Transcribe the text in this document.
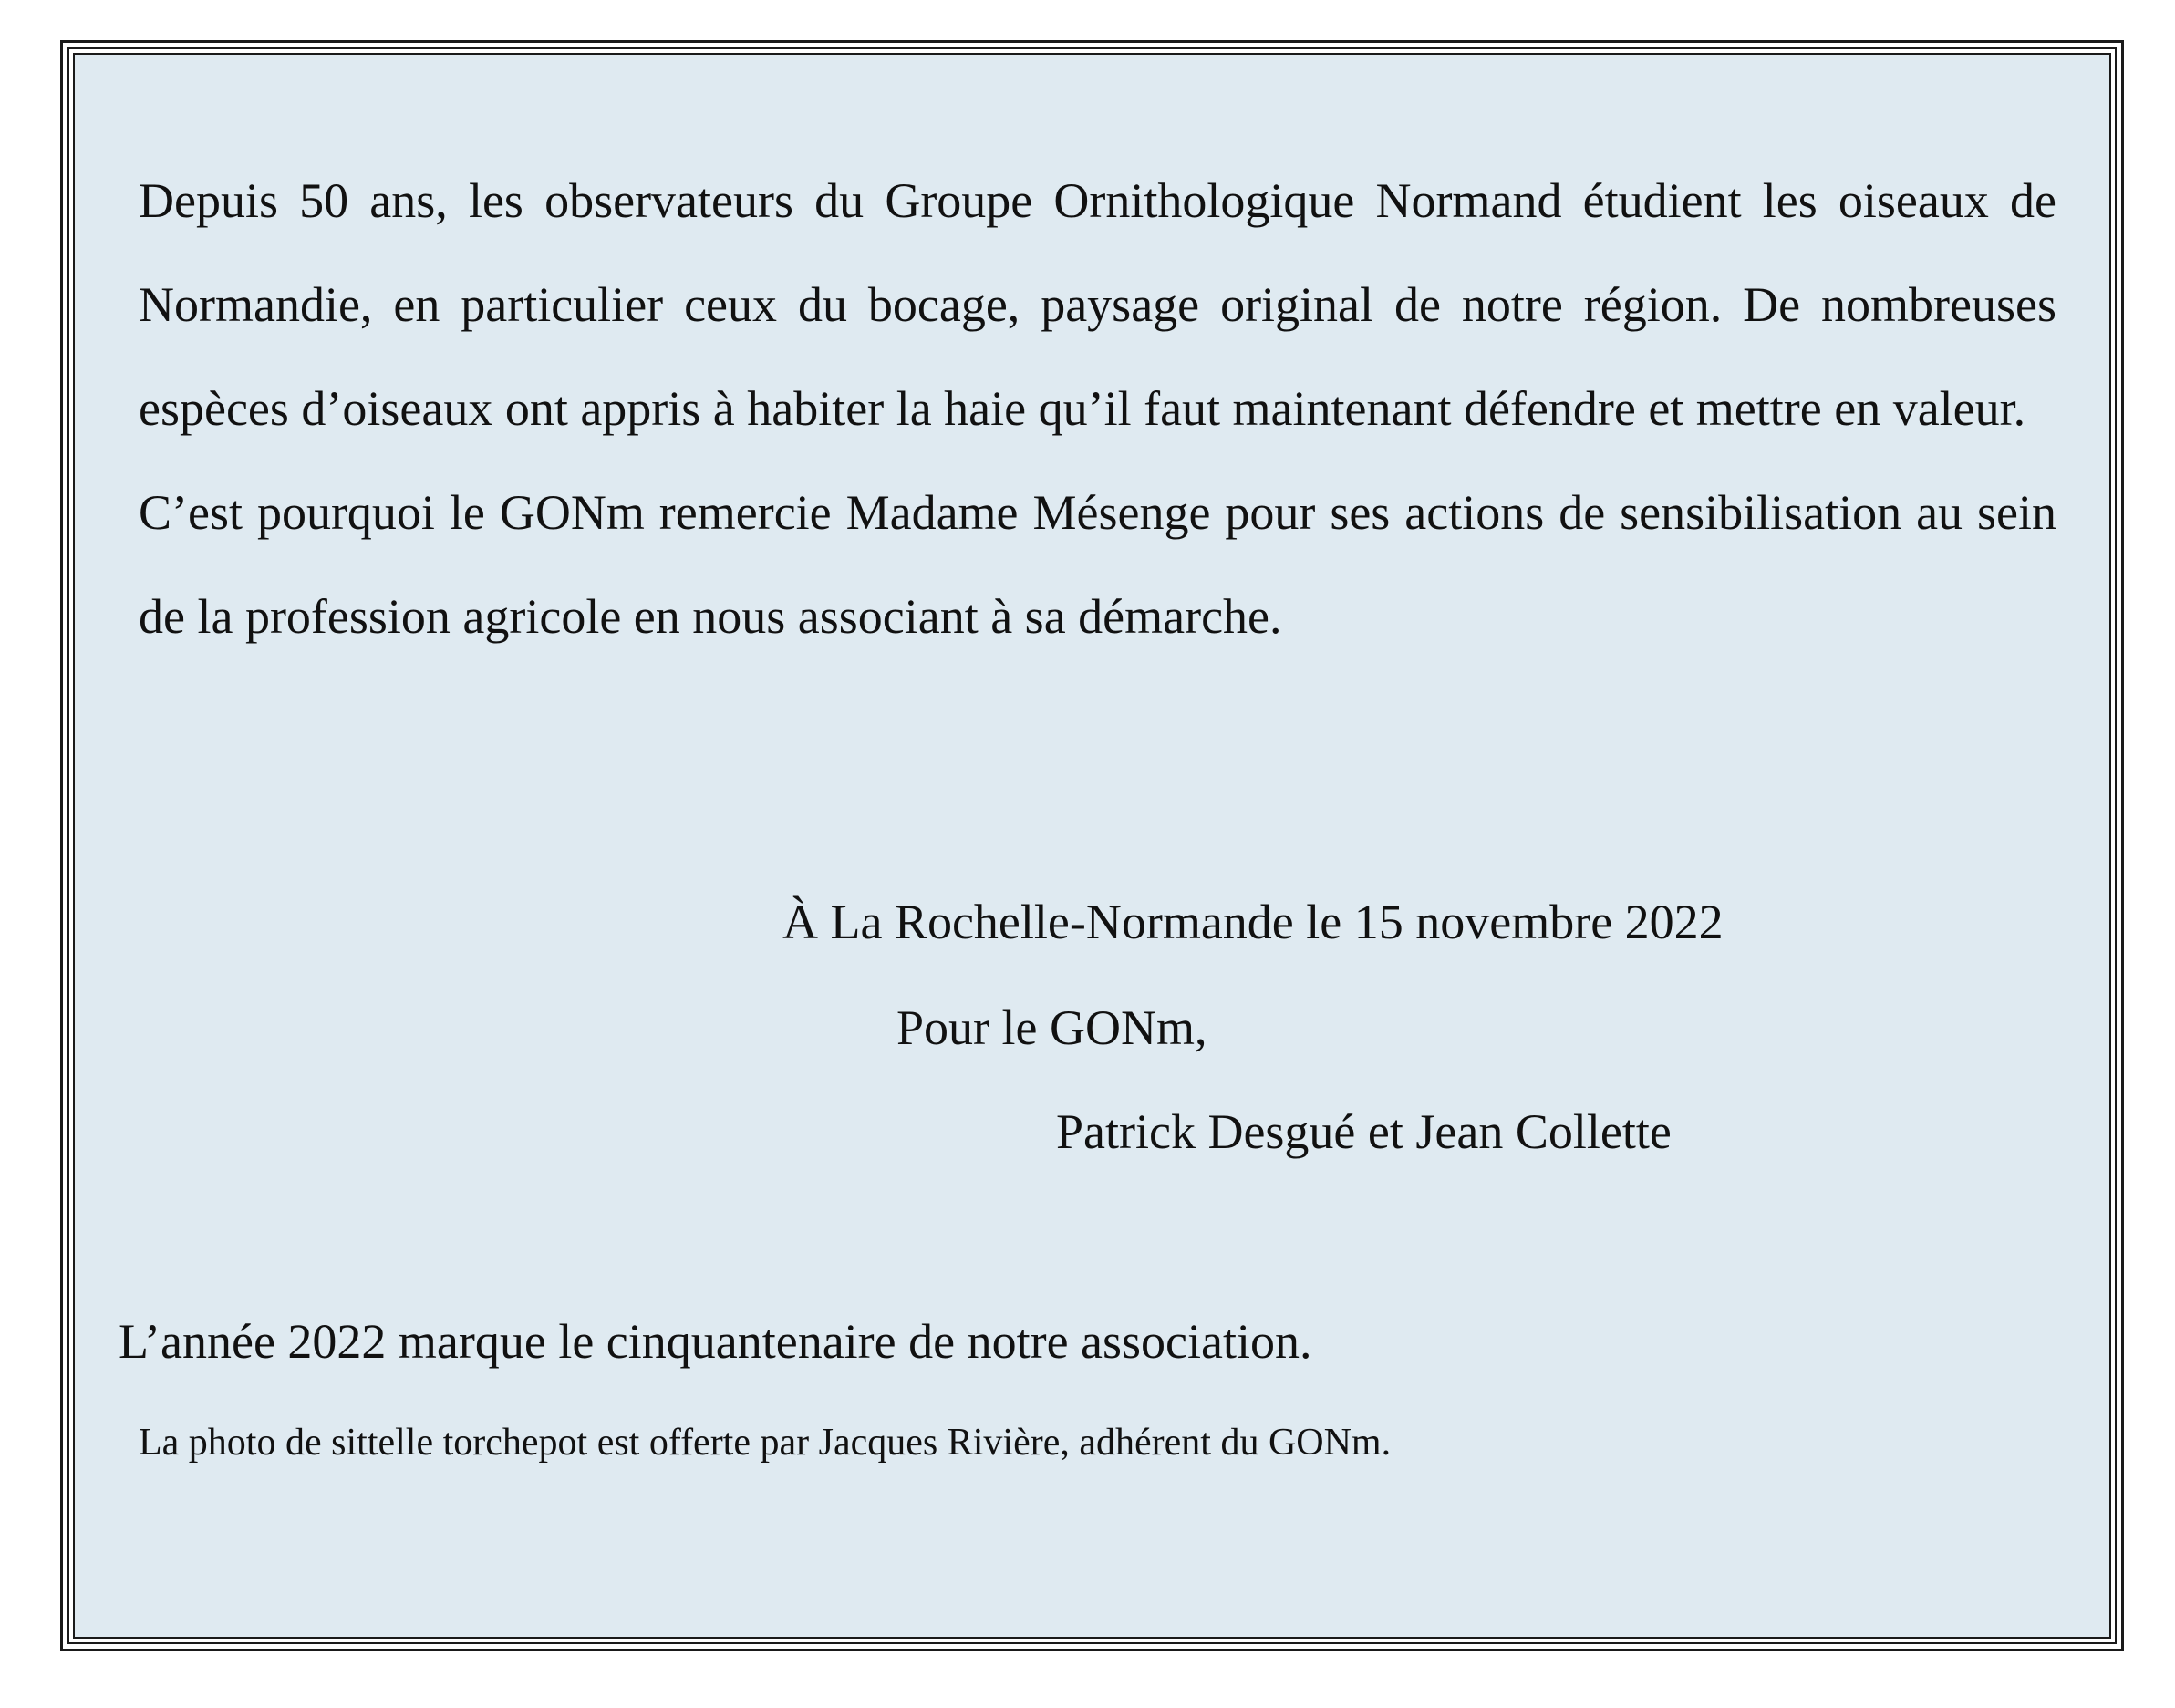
Depuis 50 ans, les observateurs du Groupe Ornithologique Normand étudient les oiseaux de Normandie, en particulier ceux du bocage, paysage original de notre région. De nombreuses espèces d’oiseaux ont appris à habiter la haie qu’il faut maintenant défendre et mettre en valeur.

C’est pourquoi le GONm remercie Madame Mésenge pour ses actions de sensibilisation au sein de la profession agricole en nous associant à sa démarche.

À La Rochelle-Normande le 15 novembre 2022
Pour le GONm,
Patrick Desgué et Jean Collette
L’année 2022 marque le cinquantenaire de notre association.
La photo de sittelle torchepot est offerte par Jacques Rivière, adhérent du GONm.
